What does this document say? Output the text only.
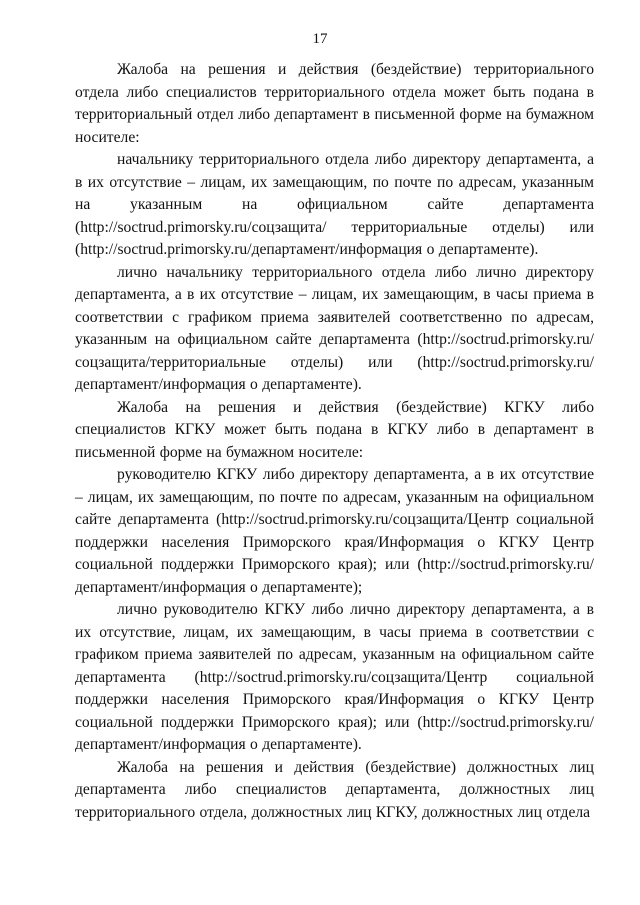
17

Жалоба на решения и действия (бездействие) территориального отдела либо специалистов территориального отдела может быть подана в территориальный отдел либо департамент в письменной форме на бумажном носителе:

начальнику территориального отдела либо директору департамента, а в их отсутствие – лицам, их замещающим, по почте по адресам, указанным на указанным на официальном сайте департамента (http://soctrud.primorsky.ru/соцзащита/ территориальные отделы) или (http://soctrud.primorsky.ru/департамент/информация о департаменте).

лично начальнику территориального отдела либо лично директору департамента, а в их отсутствие – лицам, их замещающим, в часы приема в соответствии с графиком приема заявителей соответственно по адресам, указанным на официальном сайте департамента (http://soctrud.primorsky.ru/соцзащита/территориальные отделы) или (http://soctrud.primorsky.ru/департамент/информация о департаменте).

Жалоба на решения и действия (бездействие) КГКУ либо специалистов КГКУ может быть подана в КГКУ либо в департамент в письменной форме на бумажном носителе:

руководителю КГКУ либо директору департамента, а в их отсутствие – лицам, их замещающим, по почте по адресам, указанным на официальном сайте департамента (http://soctrud.primorsky.ru/соцзащита/Центр социальной поддержки населения Приморского края/Информация о КГКУ Центр социальной поддержки Приморского края); или (http://soctrud.primorsky.ru/департамент/информация о департаменте);

лично руководителю КГКУ либо лично директору департамента, а в их отсутствие, лицам, их замещающим, в часы приема в соответствии с графиком приема заявителей по адресам, указанным на официальном сайте департамента (http://soctrud.primorsky.ru/соцзащита/Центр социальной поддержки населения Приморского края/Информация о КГКУ Центр социальной поддержки Приморского края); или (http://soctrud.primorsky.ru/департамент/информация о департаменте).

Жалоба на решения и действия (бездействие) должностных лиц департамента либо специалистов департамента, должностных лиц территориального отдела, должностных лиц КГКУ, должностных лиц отдела
